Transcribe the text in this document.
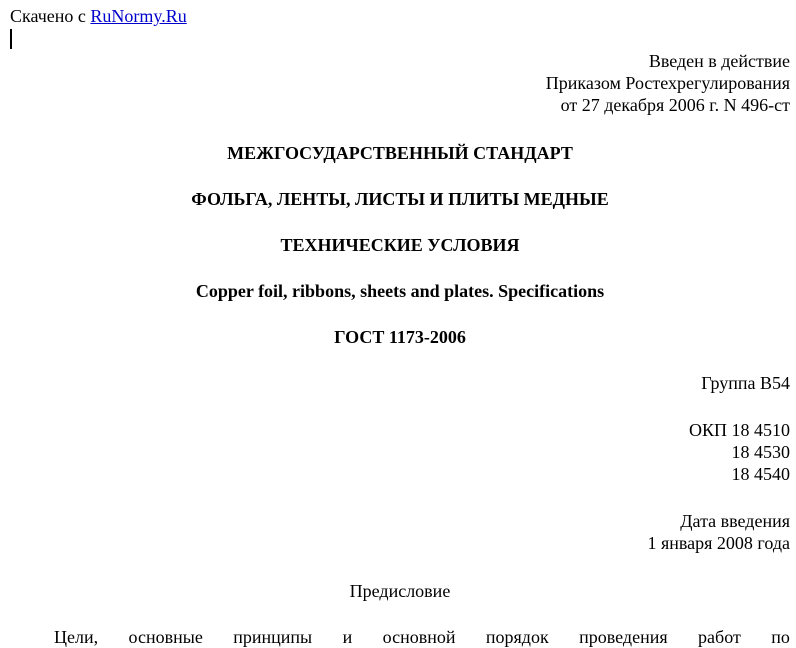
Скачено с RuNormy.Ru
Введен в действие
Приказом Ростехрегулирования
от 27 декабря 2006 г. N 496-ст
МЕЖГОСУДАРСТВЕННЫЙ СТАНДАРТ
ФОЛЬГА, ЛЕНТЫ, ЛИСТЫ И ПЛИТЫ МЕДНЫЕ
ТЕХНИЧЕСКИЕ УСЛОВИЯ
Copper foil, ribbons, sheets and plates. Specifications
ГОСТ 1173-2006
Группа В54
ОКП 18 4510
18 4530
18 4540
Дата введения
1 января 2008 года
Предисловие
Цели, основные принципы и основной порядок проведения работ по
